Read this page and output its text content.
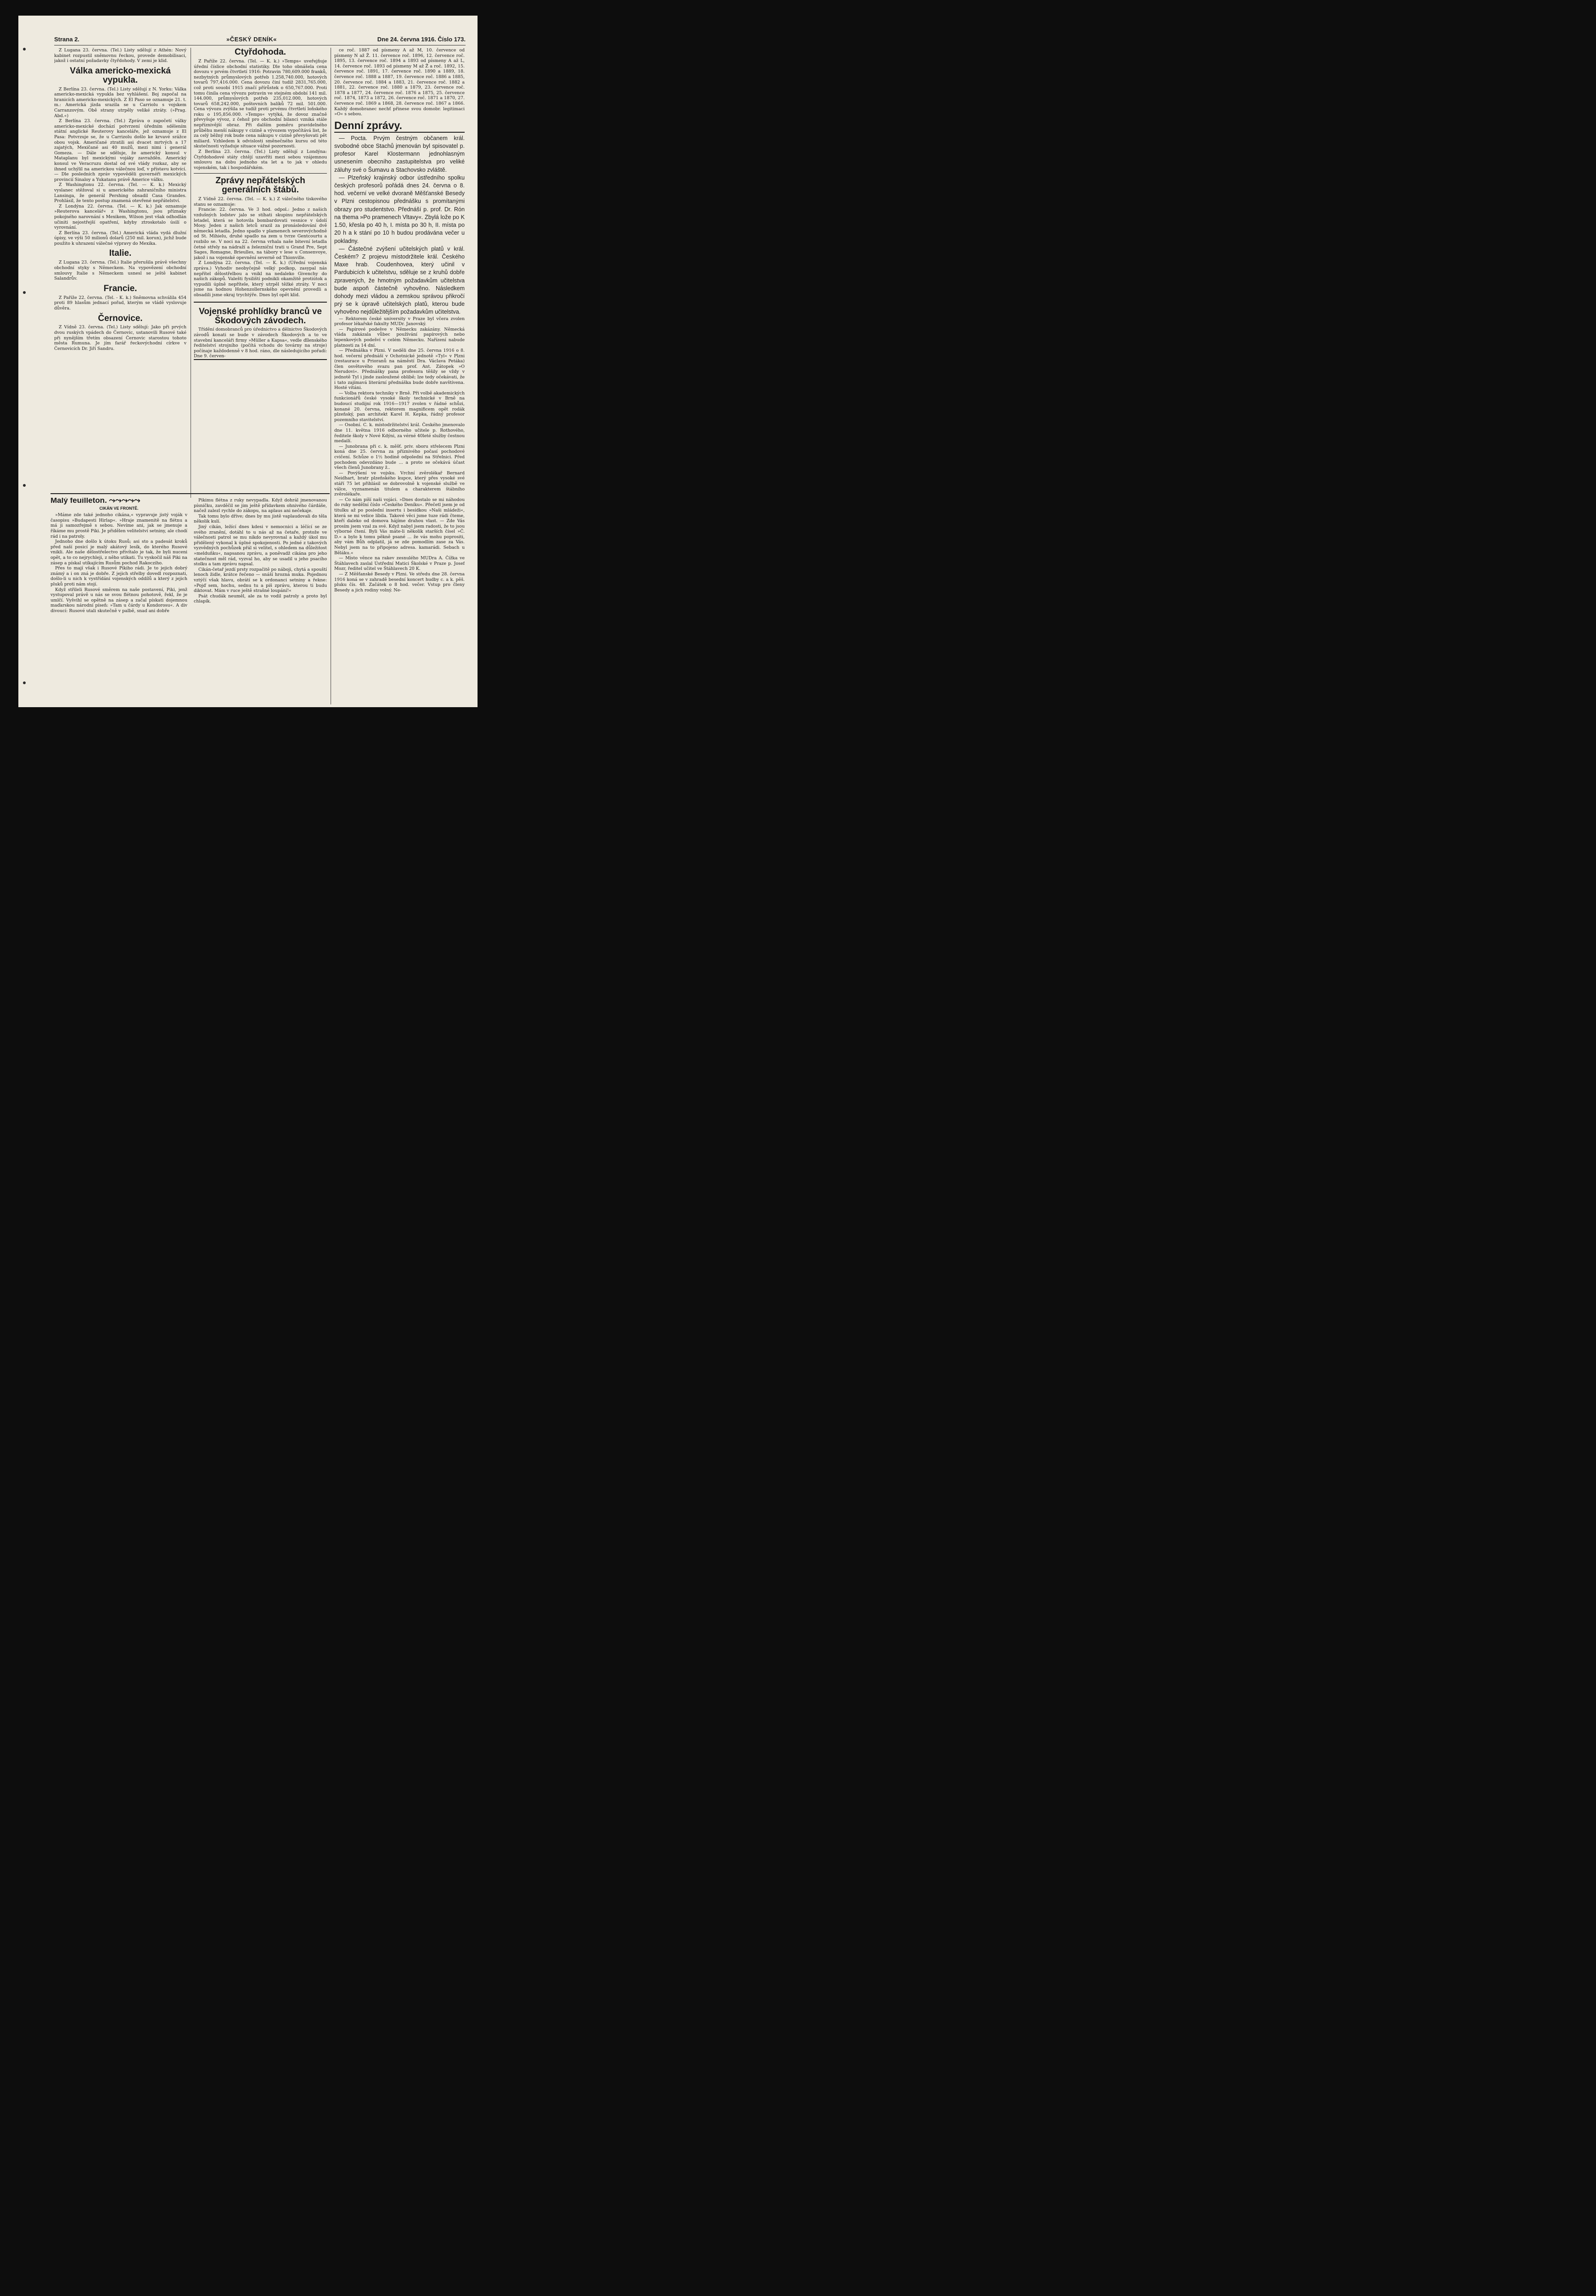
Strana 2.	»ČESKÝ DENÍK«	Dne 24. června 1916. Číslo 173.

Z Lugana 23. června. (Tel.) Listy sdělují z Athén: Nový kabinet rozpustil sněmovnu řeckou, provede demobilisaci, jakož i ostatní požadavky čtyřdohody. V zemi je klid.

Válka americko-mexická vypukla.

Z Berlína 23. června. (Tel.) Listy sdělují z N. Yorku: Válka americko-mexická vypukla bez vyhlášení. Boj započal na hranicích americko-mexických. Z El Paso se oznamuje 21. t. m.: Americká jízda srazila se u Carriolu s vojskem Carranzovým. Obě strany utrpěly veliké ztráty. (»Prag. Abd.«)

Z Berlína 23. června. (Tel.) Zpráva o započetí války americko-mexické dochází potvrzení úředním sdělením státní anglické Reuterovy kanceláře, jež oznamuje z El Pasa: Potvrzuje se, že u Carrizolu došlo ke krvavé srážce obou vojsk. Američané ztratili asi dvacet mrtvých a 17 zajatých, Mexičané asi 40 mužů, mezi nimi i generál Gomeza. — Dále se sděluje, že americký konsul v Mataplanu byl mexickými vojáky zavražděn. Americký konsul ve Veracruzu dostal od své vlády rozkaz, aby se ihned uchýlil na americkou válečnou loď, v přístavu kotvící. — Dle posledních zpráv vypověděli guvernéři mexických provincií Sinaloy a Yukatanu právě Americe válku.

Z Washingtonu 22. června. (Tel. — K. k.) Mexický vyslanec stěžoval si u amerického zahraničního ministra Lansinga, že generál Pershing obsadil Casa Grandes. Prohlásil, že tento postup znamená otevřené nepřátelství.

Z Londýna 22. června. (Tel. — K. k.) Jak oznamuje »Reuterova kancelář« z Washingtonu, jsou příznaky pokojného narovnání s Mexikem, Wilson jest však odhodlán učiniti nejostřejší opatření, kdyby ztroskotalo úsilí o vyrovnání.

Z Berlína 23. června. (Tel.) Americká vláda vydá dlužní úpisy, ve výši 50 milionů dolarů (250 mil. korun), jichž bude použito k uhrazení válečné výpravy do Mexika.

Italie.

Z Lugana 23. června. (Tel.) Italie přerušila právě všechny obchodní styky s Německem. Na vypovězení obchodní smlouvy Italie s Německem usnesl se ještě kabinet Salandrův.

Francie.

Z Paříže 22. června. (Tel. - K. k.) Sněmovna schválila 454 proti 89 hlasům jednací pořad, kterým se vládě vyslovuje důvěra.

Černovice.

Z Vídně 23. června. (Tel.) Listy sdělují: Jako při prvých dvou ruských vpádech do Černovic, ustanovili Rusové také při nynějším třetím obsazení Černovic starostou tohoto města Rumuna. Je jím farář řeckovýchodní církve v Černovicích Dr. Jiří Sandru.

Čtyřdohoda.

Z Paříže 22. června. (Tel. — K. k.) »Temps« uveřejňuje úřední číslice obchodní statistiky. Dle toho obnášela cena dovozu v prvém čtvrtletí 1916: Potravin 780,609.000 franků, nezbytných průmyslových potřeb 1.258,740.000, hotových tovarů 797,416.000. Cena dovozu činí tudíž 2831,765.000, což proti souobí 1915 značí přírůstek o 650,767.000. Proti tomu činila cena vývozu potravin ve stejném období 141 mil. 144.000, průmyslových potřeb 235,012.000, hotových tovarů 658,242.000, poštovních balíků 72 mil. 501.000. Cena vývozu zvýšila se tudíž proti prvému čtvrtletí loňského roku o 195,856.000. »Temps« vytýká, že dovoz značně převyšuje vývoz, z čehož pro obchodní bilanci vzniká stále nepříznivější obraz. Při dalším poměru pravidelného průběhu menší nákupy v cizině a vývozem vypočítává list, že za celý běžný rok bude cena nákupu v cizině převyšovati pět miliard. Vzhledem k odvislosti směnečného kursu od této skutečnosti vyžaduje situace vážné pozornosti.

Z Berlína 23. června. (Tel.) Listy sdělují z Londýna: Čtyřdohodové státy chtějí uzavříti mezi sebou vzájemnou smlouvu na dobu jednoho sta let a to jak v ohledu vojenském, tak i hospodářském.

Zprávy nepřátelských generálních štábů.

Z Vídně 22. června. (Tel. — K. k.) Z válečného tiskového stanu se oznamuje:

Francie: 22. června. Ve 3 hod. odpol.: Jedno z našich vzdušných lodstev jalo se stíhati skupinu nepřátelských letadel, která se hotovila bombardovati vesnice v údolí Mosy. Jeden z našich letců srazil za pronásledování dvě německá letadla. Jedno spadlo v plamenech severovýchodně od St. Mihielu, druhé spadlo na zem u tvrze Gentcourtu a rozbilo se. V noci na 22. června vrhala naše bitevní letadla četné střely na nádraží a železniční trati u Grand Pre, Sept Sages, Romagne, Brieulles, na tábory v lese u Consenvoye, jakož i na vojenské opevnění severně od Thionville.

Z Londýna 22. června. (Tel. — K. k.) (Úřední vojenská zpráva.) Vyhodiv neobyčejně velký podkop, zasypal nás nepřítel dělostřelbou a vnikl na nedaleko Givenchy do našich zákopů. Valešti fysiliští podnikli okamžitě protiútok a vypudili úplně nepřítele, který utrpěl těžké ztráty. V noci jsme na hodnou Hohenzollernského opevnění provedli a obsadili jsme okraj trychtýře. Dnes byl opět klid.

Vojenské prohlídky branců ve Škodových závodech.

Třídění domobranců pro úřednictvo a dělnictvo Škodových závodů konati se bude v závodech Škodových a to ve stavební kanceláři firmy »Müller a Kapsa«, vedle ďílenského ředitelství strojního (počítá vchodu do továrny na stroje) počínaje každodenně v 8 hod. ráno, dle následujícího pořadí: Dne 9. červen-

ce roč. 1887 od písmeny A až M, 10. července od písmeny N až Ž. 11. července roč. 1896, 12. července roč. 1895, 13. července roč. 1894 a 1893 od písmeny A až L, 14. července roč. 1893 od písmeny M až Ž a roč. 1892, 15. července roč. 1891, 17. července roč. 1890 a 1889, 18. července roč. 1888 a 1887, 19. července roč. 1886 a 1885, 20. července roč. 1884 a 1883, 21. července roč. 1882 a 1881, 22. července roč. 1880 a 1879, 23. července roč. 1878 a 1877, 24. července roč. 1876 a 1875, 25. července roč. 1874, 1873 a 1872, 26. července roč. 1871 a 1870, 27. července roč. 1869 a 1868, 28. července roč. 1867 a 1866. Každý domobranec nechť přinese svou domobr. legitimaci »O« s sebou.

Denní zprávy.

— Pocta. Prvým čestným občanem král. svobodné obce Stachů jmenován byl spisovatel p. profesor Karel Klostermann jednohlasným usnesením obecního zastupitelstva pro veliké záluhy své o Šumavu a Stachovsko zvláště.

— Plzeňský krajinský odbor ústředního spolku českých profesorů pořádá dnes 24. června o 8. hod. večerní ve velké dvoraně Měšťanské Besedy v Plzni cestopisnou přednášku s promítanými obrazy pro studentstvo. Přednáší p. prof. Dr. Rón na thema »Po pramenech Vltavy«. Zbylá lože po K 1.50, křesla po 40 h, I. místa po 30 h, II. místa po 20 h a k stání po 10 h budou prodávána večer u pokladny.

— Částečné zvýšení učitelských platů v král. Českém? Z projevu místodržitele král. Českého Maxe hrab. Coudenhovea, který učinil v Pardubicích k učitelstvu, sděluje se z kruhů dobře zpravených, že hmotným požadavkům učitelstva bude aspoň částečně vyhověno. Následkem dohody mezi vládou a zemskou správou přikročí prý se k úpravě učitelských platů, kterou bude vyhověno nejdůležitějším požadavkům učitelstva.

— Rektorem české university v Praze byl včera zvolen profesor lékařské fakulty MUDr. Janovský.

— Papírové podešve v Německu zakázány. Německá vláda zakázala vůbec používání papírových nebo lepenkových podešví v celém Německu. Nařízení nabude platnosti za 14 dní.

— Přednáška v Plzni. V neděli dne 25. června 1916 o 8. hod. večerní přednáší v Ochotnické jednotě »Tyl« v Plzni (restaurace u Prioranů na náměstí Dra. Václava Petáka) člen osvětového svazu pan prof. Ant. Zátopek »O Nerudovi«. Přednášky pana profesora těšily se vždy v jednotě Tyl i jinde zasloužené oblibě; lze tedy očekávati, že i tato zajímavá literární přednáška bude dobře navštívena. Hosté vítáni.

— Volba rektora techniky v Brně. Při volbě akademických funkcionářů české vysoké školy technické v Brně na budoucí studijní rok 1916—1917 zvolen v řádné schůzi, konané 20. června, rektorem magnificem opět rodák plzeňský, pan architekt Karel H. Kepka, řádný profesor pozemního stavitelství.

— Osobní. C. k. místodržitelství král. Českého jmenovalo dne 11. května 1916 odborného učitele p. Rothového, ředitele školy v Nové Kdýni, za vérné 40leté služby čestnou medailí.

— Junobrana při c. k. měšť. priv. sboru střelecem Plzni koná dne 25. června za příznivého počasí pochodové cvičení. Schůze o 1½ hodině odpolední na Střelnici. Před pochodem odevzdáno bude ... a proto se očekává účast všech členů Junobrany ž..

— Povýšení ve vojsku. Vrchní zvěrolékař Bernard Neidhart, bratr plzeňského kupce, který přes vysoké své stáří 75 let přihlásil se dobrovolně k vojenské službě ve válce, vyznamenán titulem a charakterem štábního zvěrolékaře.

— Co nám píší naši vojáci. »Dnes dostalo se mi náhodou do ruky nedělní číslo »Českého Deníku«. Přečetl jsem je od titulku až po poslední insertu i besídkou »Naši mládeži«, která se mi velice líbila. Takové věci jsme tuze rádi čteme, kteří daleko od domova hájíme drahou vlast. — Zde Vás prosím jsem vzal za své. Když nabyl jsem radosti, že to jsou výborné čtení. Byli Vás máte-li několik starších čísel »Č. D.« a bylo k tomu pěkně psané ... že vás mohu poprositi, aby vám Bůh odplatil, já se zde pomodlím zase za Vás. Nebyl jsem na to připojeno adresa. kamarádi. Sebach u Běláku.«

— Místo věnce na rakev zesnulého MUDra A. Čížka ve Štáhlavech zaslal Ústřední Matici Školské v Praze p. Josef Mozr, ředitel učitel ve Štáhlavech 20 K.

— Z Měšťanské Besedy v Plzni. Ve středu dne 28. června 1916 koná se v zahradě besední koncert hudby c. a k. pěš. pluku čís. 48. Začátek o 8 hod. večer. Vstup pro členy Besedy a jich rodiny volný. Ne-

Malý feuilleton. ⤳⤳⤳⤳⤳
CIKÁN VE FRONTĚ.

»Máme zde také jednoho cikána,« vypravuje jistý voják v časopisu »Budapesti Hirlap«. »Hraje znamenitě na flétnu a má ji samozřejmě s sebou. Nevíme ani, jak se jmenuje a říkáme mu prostě Piki. Je přidělen velitelství setniny, ale chodí rád i na patroly.

Jednoho dne došlo k útoku Rusů; asi sto a padesát kroků před naší posicí je malý akátový lesík, do kterého Rusové vnikli. Ale naše dělostřelectvo přivítalo je tak, že byli nuceni opět, a to co nejrychleji, z něho utíkati. Tu vyskočil náš Piki na zásep a pískal utíkajícím Rusům pochod Rakocziho.

Přes to mají však i Rusové Pikiho rádi. Je to jejich dobrý známý a i on zná je dobře. Z jejich střelby dovedl rozpoznati, došlo-li u nich k vystřídání vojenských oddílů a který z jejich pluků proti nám stojí.

Když střileli Rusové směrem na naše postavení, Piki, jenž vystupoval právě u nás se svou flétnou pohotově, řekl, že je umlčí. Vyšvihl se opětně na zásep a začal pískati dojemnou maďarskou národní píseň: »Tam u čárdy u Kondorosu«. A div divoucí: Rusové utali skutečně v palbě, snad ani dobře

Pikimu flétna z ruky nevypadla. Když dohrál jmenovanou písničku, zavděčil se jim ještě přídavkem ohnivého čárdáše, načež zalezl rychle do zákopu, na aplaus ani nečekaje.

Tak tomu bylo dříve; dnes by mu jistě vaplaudovali do těla několik kulí.

Jiný cikán, ležící dnes kdesi v nemocnici a léčící se ze svého zranění, dotáhl to u nás až na četaře, protože ve válečnosti patrol se mu nikdo nevyrovnal a každý úkol mu přidělený vykonal k úplné spokojenosti. Po jedné z takových vyzvědných pochůzek přál si velitel, s ohledem na důležitost »melduňku«, napsanou zprávu, a poněvadž cikána pro jeho statečnost měl rád, vyzval ho, aby se usadil u jeho psacího stolku a tam zprávu napsal.

Cikán-četař jezdí prsty rozpačitě po náboji, chytá a spouští lenoch židle, krátce řečeno — snáší hrozná muka. Pojednou vztýčí však hlavu, obrátí se k ordonanci setniny a řekne: »Pojď sem, hochu, sednu tu a piš zprávu, kterou ti budu diktovat. Mám v ruce ještě strašné loupání!«

Psát chudák neuměl, ale za to vodil patroly a proto byl chlapík.
